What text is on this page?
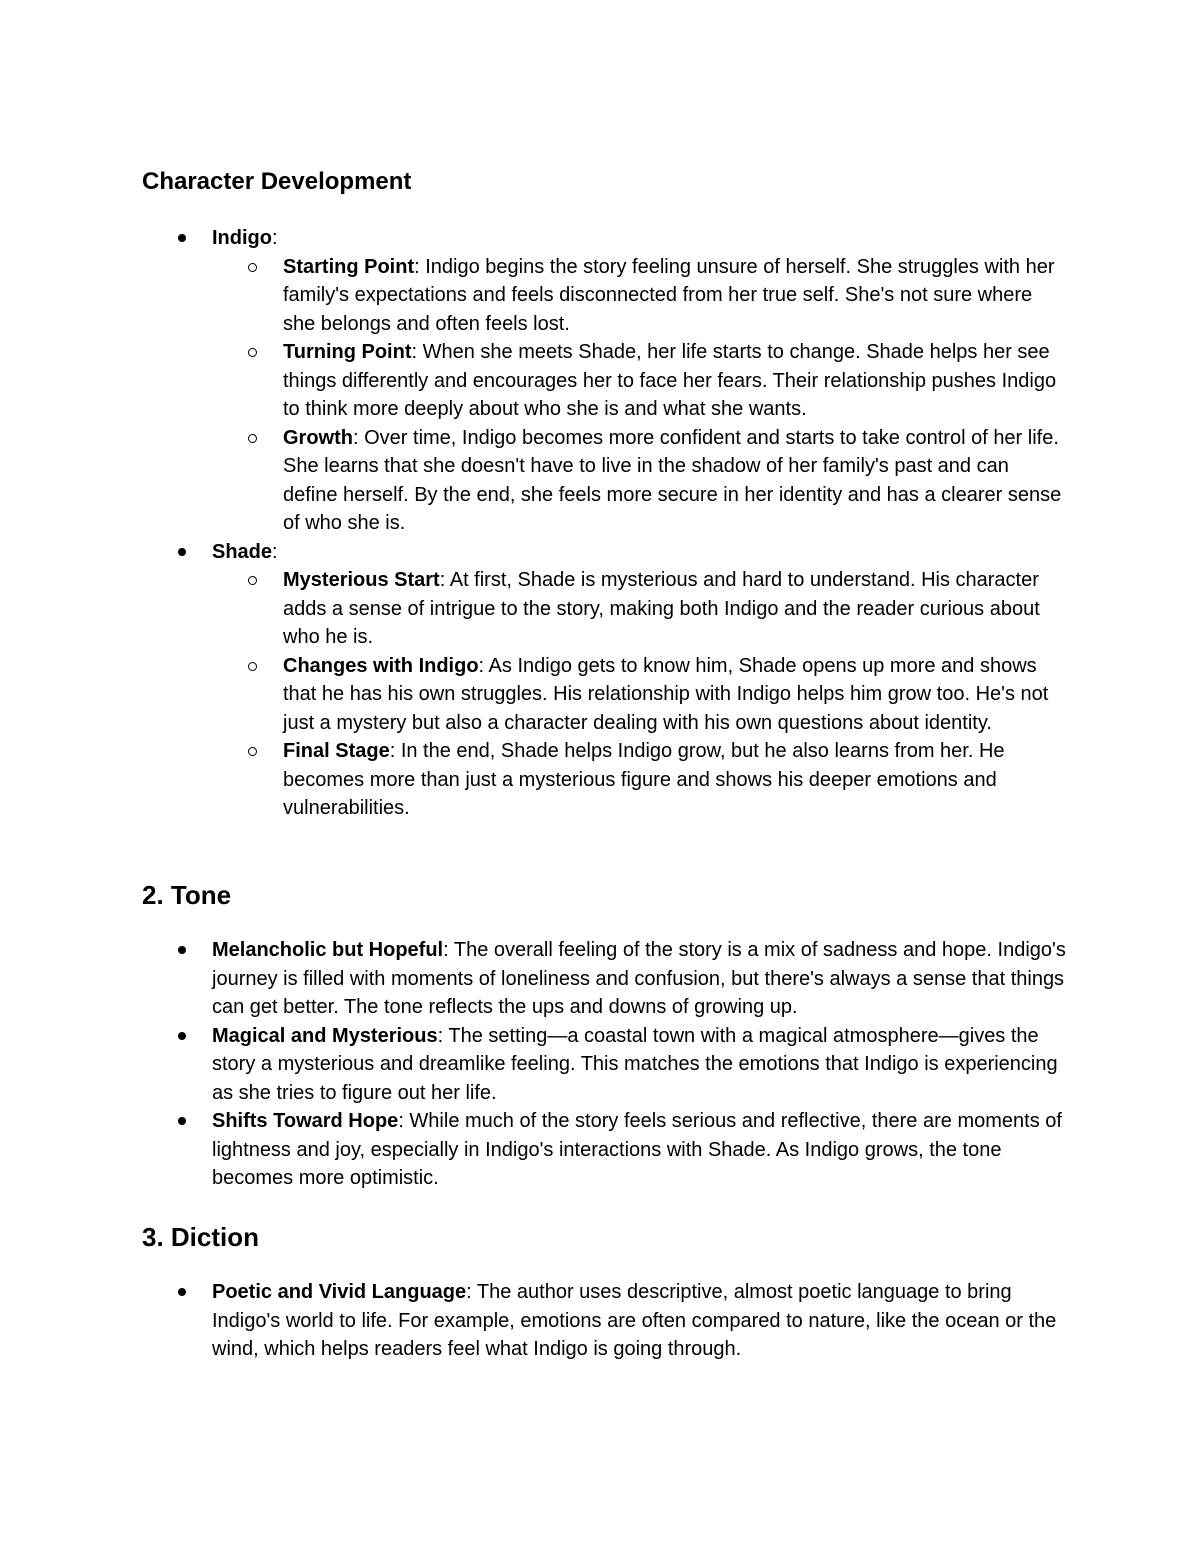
Character Development
Indigo:
Starting Point: Indigo begins the story feeling unsure of herself. She struggles with her family's expectations and feels disconnected from her true self. She's not sure where she belongs and often feels lost.
Turning Point: When she meets Shade, her life starts to change. Shade helps her see things differently and encourages her to face her fears. Their relationship pushes Indigo to think more deeply about who she is and what she wants.
Growth: Over time, Indigo becomes more confident and starts to take control of her life. She learns that she doesn't have to live in the shadow of her family's past and can define herself. By the end, she feels more secure in her identity and has a clearer sense of who she is.
Shade:
Mysterious Start: At first, Shade is mysterious and hard to understand. His character adds a sense of intrigue to the story, making both Indigo and the reader curious about who he is.
Changes with Indigo: As Indigo gets to know him, Shade opens up more and shows that he has his own struggles. His relationship with Indigo helps him grow too. He's not just a mystery but also a character dealing with his own questions about identity.
Final Stage: In the end, Shade helps Indigo grow, but he also learns from her. He becomes more than just a mysterious figure and shows his deeper emotions and vulnerabilities.
2. Tone
Melancholic but Hopeful: The overall feeling of the story is a mix of sadness and hope. Indigo's journey is filled with moments of loneliness and confusion, but there's always a sense that things can get better. The tone reflects the ups and downs of growing up.
Magical and Mysterious: The setting—a coastal town with a magical atmosphere—gives the story a mysterious and dreamlike feeling. This matches the emotions that Indigo is experiencing as she tries to figure out her life.
Shifts Toward Hope: While much of the story feels serious and reflective, there are moments of lightness and joy, especially in Indigo's interactions with Shade. As Indigo grows, the tone becomes more optimistic.
3. Diction
Poetic and Vivid Language: The author uses descriptive, almost poetic language to bring Indigo's world to life. For example, emotions are often compared to nature, like the ocean or the wind, which helps readers feel what Indigo is going through.
